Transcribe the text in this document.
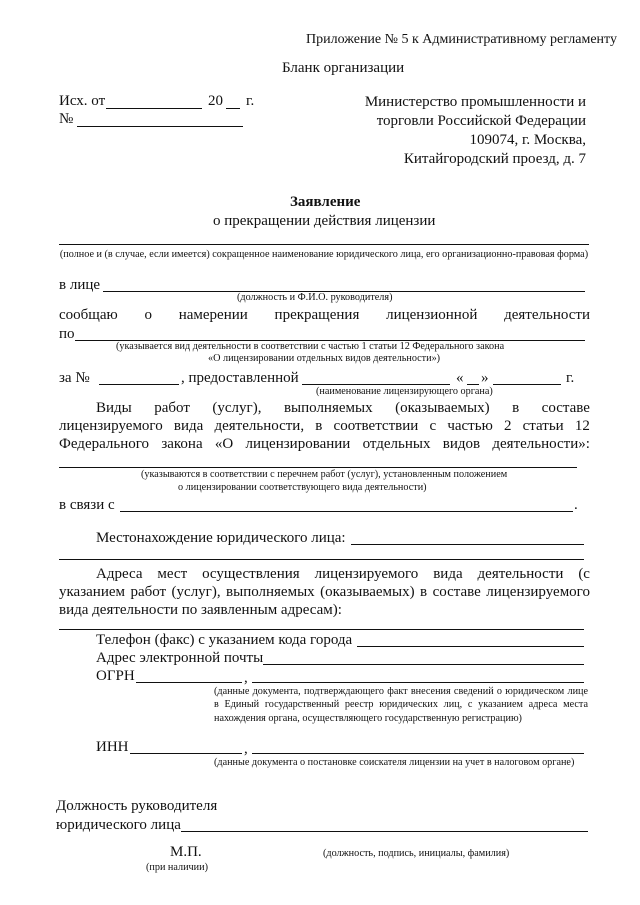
Приложение № 5 к Административному регламенту
Бланк организации
Исх. от	20 г.
№
Министерство промышленности и
торговли Российской Федерации
109074, г. Москва,
Китайгородский проезд, д. 7
Заявление
о прекращении действия лицензии
(полное и (в случае, если имеется) сокращенное наименование юридического лица, его организационно-правовая форма)
в лице
(должность и Ф.И.О. руководителя)
сообщаю о намерении прекращения лицензионной деятельности
по
(указывается вид деятельности в соответствии с частью 1 статьи 12 Федерального закона
«О лицензировании отдельных видов деятельности»)
за №	, предоставленной	« »	г.
(наименование лицензирующего органа)
Виды работ (услуг), выполняемых (оказываемых) в составе
лицензируемого вида деятельности, в соответствии с частью 2 статьи 12
Федерального закона «О лицензировании отдельных видов деятельности»:
(указываются в соответствии с перечнем работ (услуг), установленным положением
о лицензировании соответствующего вида деятельности)
в связи с	.
Местонахождение юридического лица:
Адреса мест осуществления лицензируемого вида деятельности (с
указанием работ (услуг), выполняемых (оказываемых) в составе лицензируемого
вида деятельности по заявленным адресам):
Телефон (факс) с указанием кода города
Адрес электронной почты
ОГРН	,
(данные документа, подтверждающего факт внесения сведений о юридическом лице в Единый государственный реестр юридических лиц, с указанием адреса места нахождения органа, осуществляющего государственную регистрацию)
ИНН	,
(данные документа о постановке соискателя лицензии на учет в налоговом органе)
Должность руководителя
юридического лица
М.П.	(должность, подпись, инициалы, фамилия)
(при наличии)
